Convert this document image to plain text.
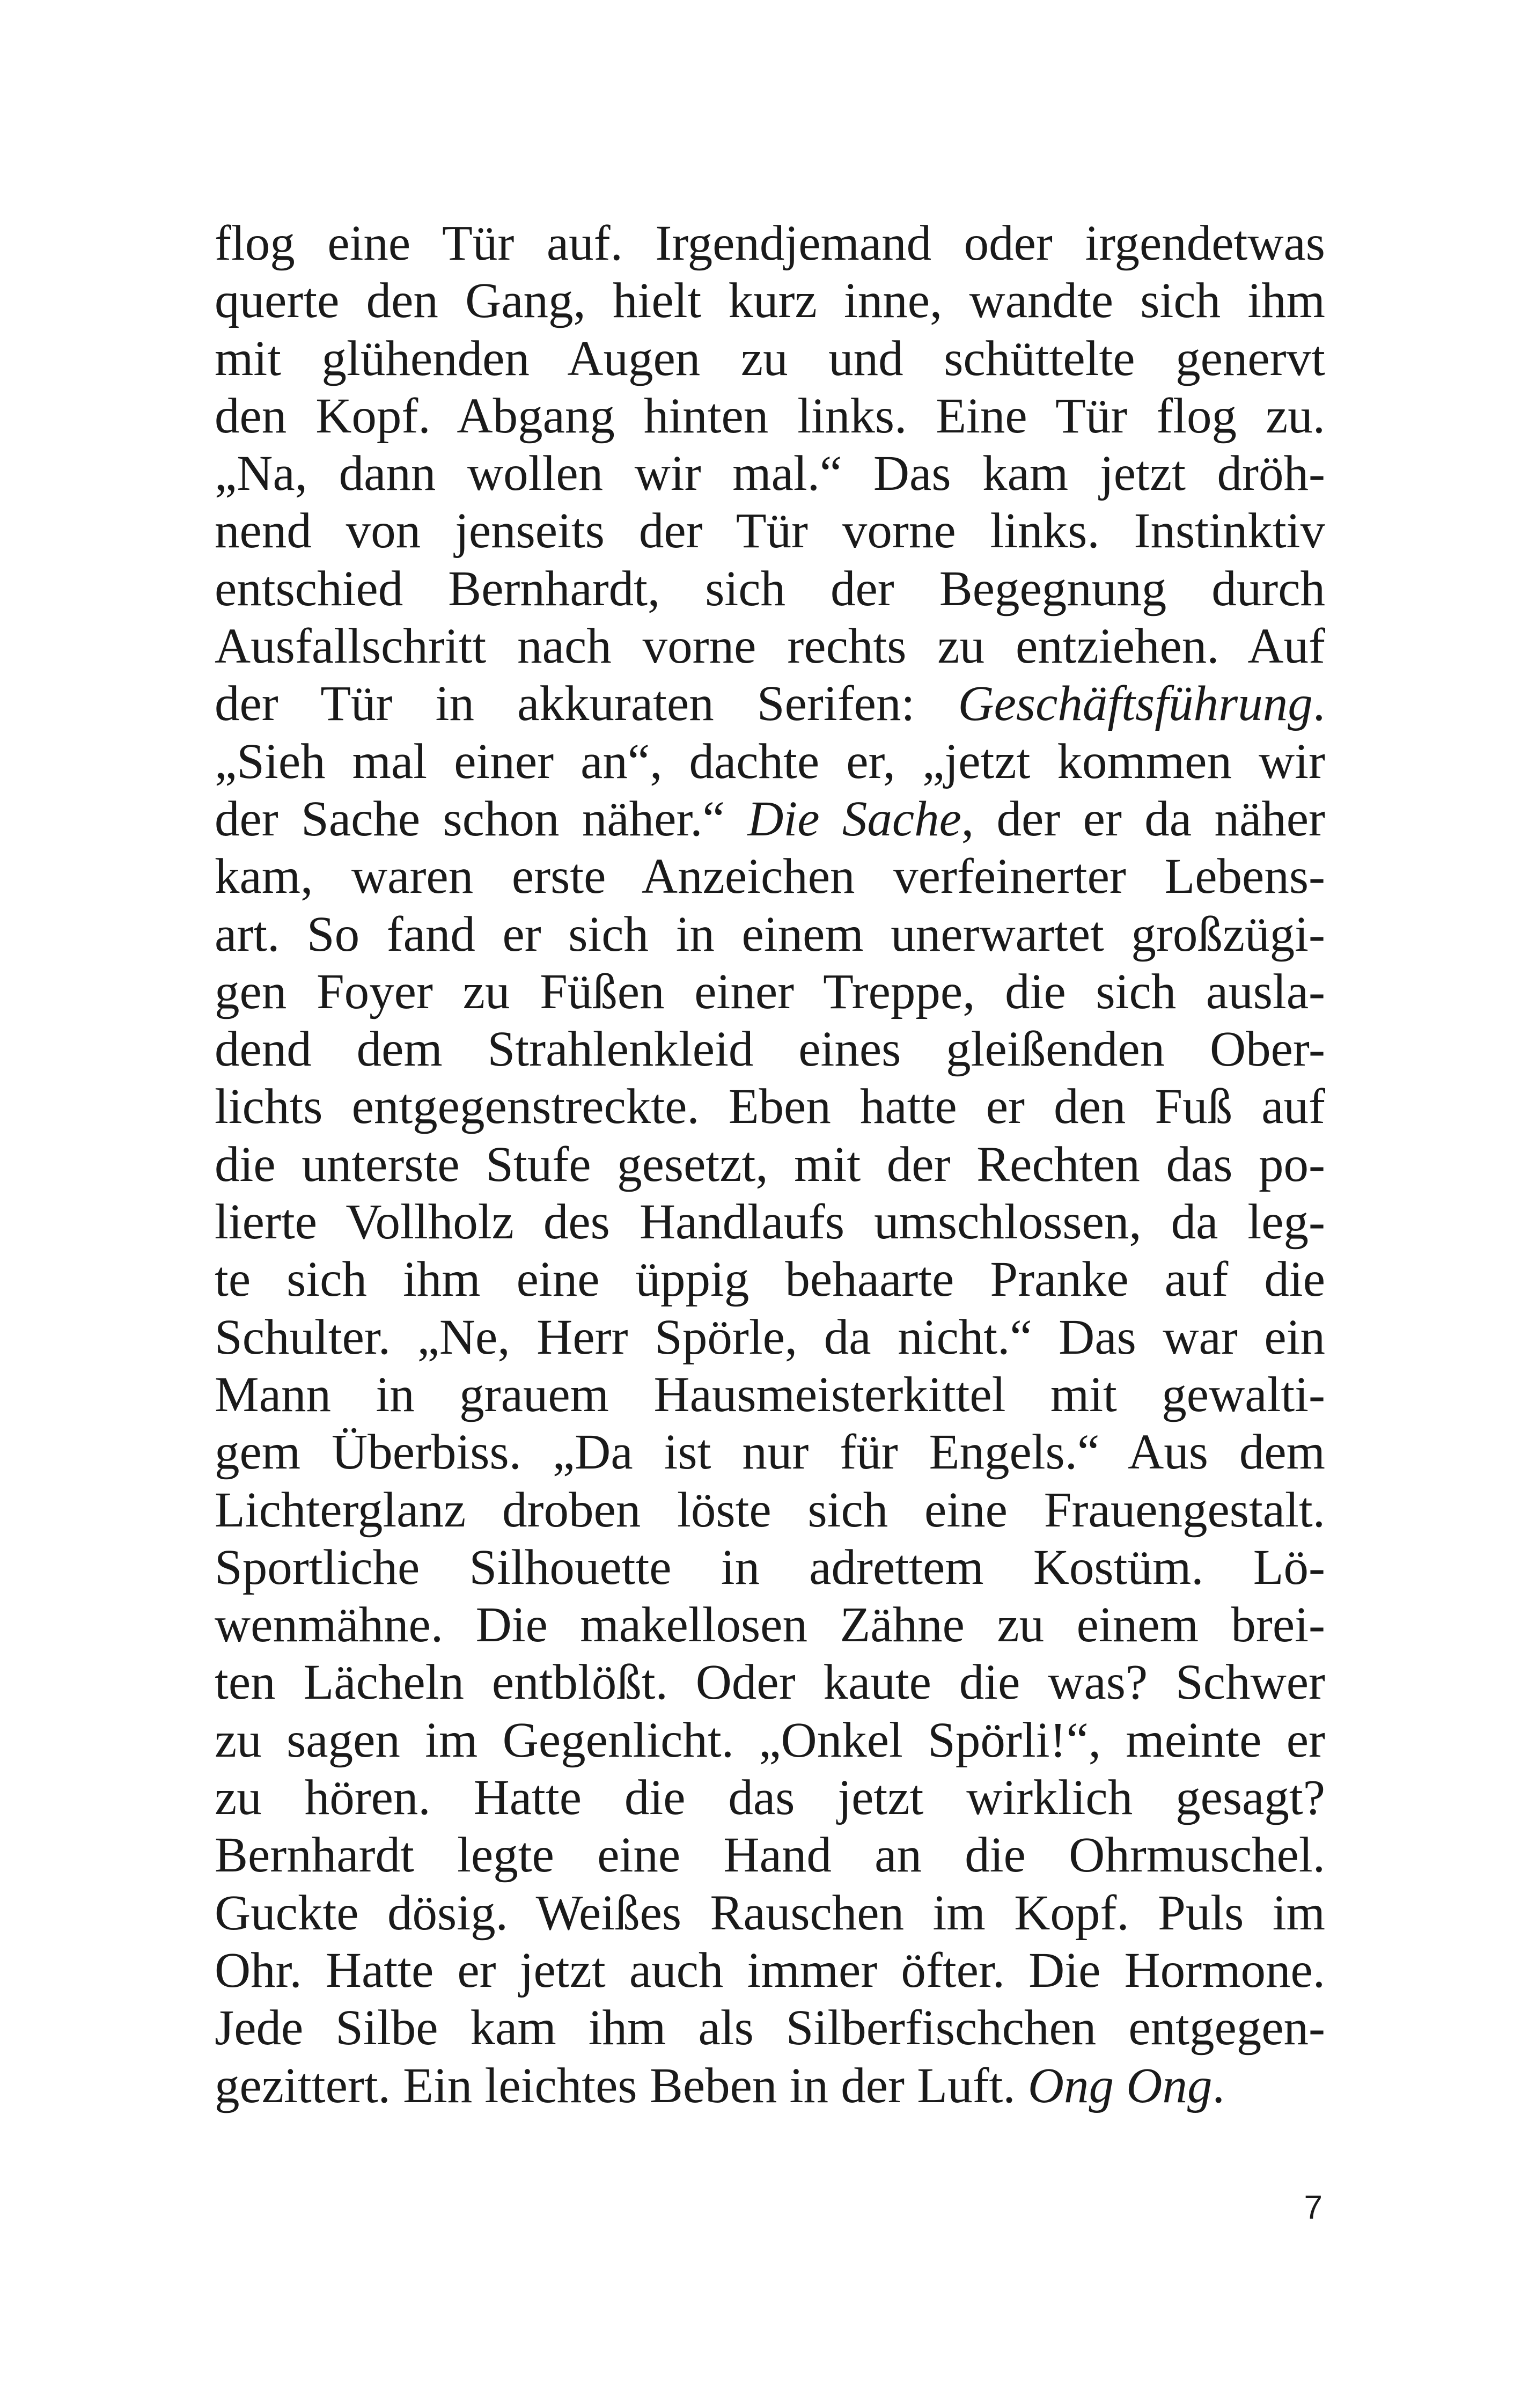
flog eine Tür auf. Irgendjemand oder irgendetwas
querte den Gang, hielt kurz inne, wandte sich ihm
mit glühenden Augen zu und schüttelte genervt
den Kopf. Abgang hinten links. Eine Tür flog zu.
„Na, dann wollen wir mal.“ Das kam jetzt dröh-
nend von jenseits der Tür vorne links. Instinktiv
entschied Bernhardt, sich der Begegnung durch
Ausfallschritt nach vorne rechts zu entziehen. Auf
der Tür in akkuraten Serifen: Geschäftsführung.
„Sieh mal einer an“, dachte er, „jetzt kommen wir
der Sache schon näher.“ Die Sache, der er da näher
kam, waren erste Anzeichen verfeinerter Lebens-
art. So fand er sich in einem unerwartet großzügi-
gen Foyer zu Füßen einer Treppe, die sich ausla-
dend dem Strahlenkleid eines gleißenden Ober-
lichts entgegenstreckte. Eben hatte er den Fuß auf
die unterste Stufe gesetzt, mit der Rechten das po-
lierte Vollholz des Handlaufs umschlossen, da leg-
te sich ihm eine üppig behaarte Pranke auf die
Schulter. „Ne, Herr Spörle, da nicht.“ Das war ein
Mann in grauem Hausmeisterkittel mit gewalti-
gem Überbiss. „Da ist nur für Engels.“ Aus dem
Lichterglanz droben löste sich eine Frauengestalt.
Sportliche Silhouette in adrettem Kostüm. Lö-
wenmähne. Die makellosen Zähne zu einem brei-
ten Lächeln entblößt. Oder kaute die was? Schwer
zu sagen im Gegenlicht. „Onkel Spörli!“, meinte er
zu hören. Hatte die das jetzt wirklich gesagt?
Bernhardt legte eine Hand an die Ohrmuschel.
Guckte dösig. Weißes Rauschen im Kopf. Puls im
Ohr. Hatte er jetzt auch immer öfter. Die Hormone.
Jede Silbe kam ihm als Silberfischchen entgegen-
gezittert. Ein leichtes Beben in der Luft. Ong Ong.
7
